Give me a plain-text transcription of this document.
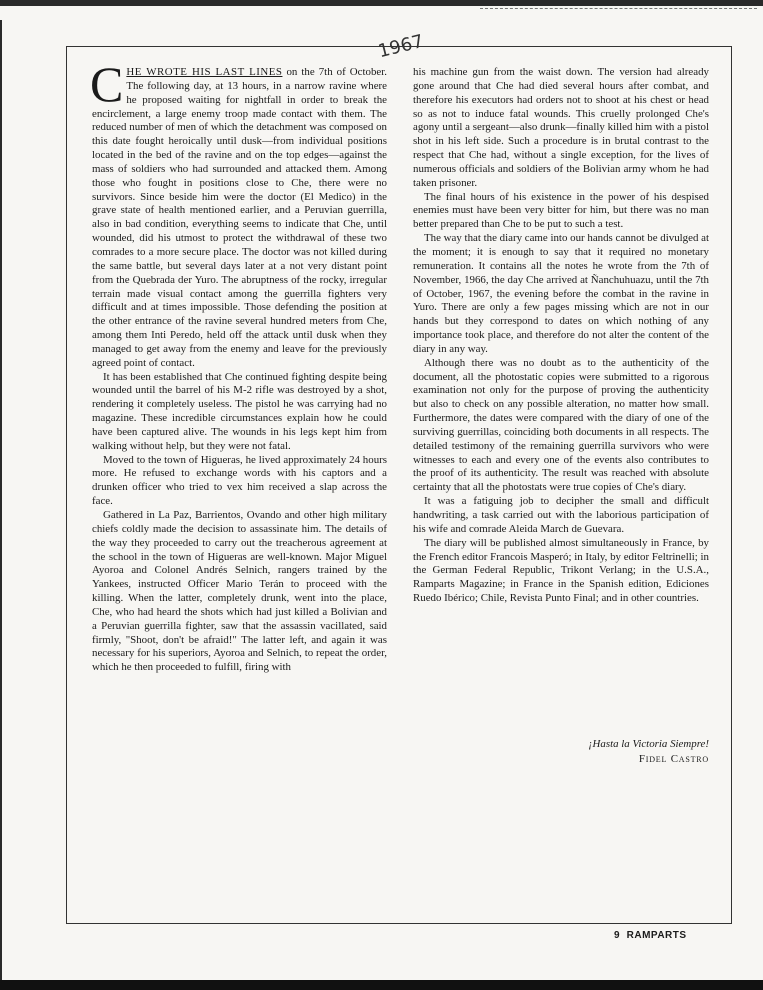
1967

CHE WROTE HIS LAST LINES on the 7th of October. The following day, at 13 hours, in a narrow ravine where he proposed waiting for nightfall in order to break the encirclement, a large enemy troop made contact with them. The reduced number of men of which the detachment was composed on this date fought heroically until dusk—from individual positions located in the bed of the ravine and on the top edges—against the mass of soldiers who had surrounded and attacked them. Among those who fought in positions close to Che, there were no survivors. Since beside him were the doctor (El Medico) in the grave state of health mentioned earlier, and a Peruvian guerrilla, also in bad condition, everything seems to indicate that Che, until wounded, did his utmost to protect the withdrawal of these two comrades to a more secure place. The doctor was not killed during the same battle, but several days later at a not very distant point from the Quebrada der Yuro. The abruptness of the rocky, irregular terrain made visual contact among the guerrilla fighters very difficult and at times impossible. Those defending the position at the other entrance of the ravine several hundred meters from Che, among them Inti Peredo, held off the attack until dusk when they managed to get away from the enemy and leave for the previously agreed point of contact.

It has been established that Che continued fighting despite being wounded until the barrel of his M-2 rifle was destroyed by a shot, rendering it completely useless. The pistol he was carrying had no magazine. These incredible circumstances explain how he could have been captured alive. The wounds in his legs kept him from walking without help, but they were not fatal.

Moved to the town of Higueras, he lived approximately 24 hours more. He refused to exchange words with his captors and a drunken officer who tried to vex him received a slap across the face.

Gathered in La Paz, Barrientos, Ovando and other high military chiefs coldly made the decision to assassinate him. The details of the way they proceeded to carry out the treacherous agreement at the school in the town of Higueras are well-known. Major Miguel Ayoroa and Colonel Andrés Selnich, rangers trained by the Yankees, instructed Officer Mario Terán to proceed with the killing. When the latter, completely drunk, went into the place, Che, who had heard the shots which had just killed a Bolivian and a Peruvian guerrilla fighter, saw that the assassin vacillated, said firmly, "Shoot, don't be afraid!" The latter left, and again it was necessary for his superiors, Ayoroa and Selnich, to repeat the order, which he then proceeded to fulfill, firing with

his machine gun from the waist down. The version had already gone around that Che had died several hours after combat, and therefore his executors had orders not to shoot at his chest or head so as not to induce fatal wounds. This cruelly prolonged Che's agony until a sergeant—also drunk—finally killed him with a pistol shot in his left side. Such a procedure is in brutal contrast to the respect that Che had, without a single exception, for the lives of numerous officials and soldiers of the Bolivian army whom he had taken prisoner.

The final hours of his existence in the power of his despised enemies must have been very bitter for him, but there was no man better prepared than Che to be put to such a test.

The way that the diary came into our hands cannot be divulged at the moment; it is enough to say that it required no monetary remuneration. It contains all the notes he wrote from the 7th of November, 1966, the day Che arrived at Ñanchuhuazu, until the 7th of October, 1967, the evening before the combat in the ravine in Yuro. There are only a few pages missing which are not in our hands but they correspond to dates on which nothing of any importance took place, and therefore do not alter the content of the diary in any way.

Although there was no doubt as to the authenticity of the document, all the photostatic copies were submitted to a rigorous examination not only for the purpose of proving the authenticity but also to check on any possible alteration, no matter how small. Furthermore, the dates were compared with the diary of one of the surviving guerrillas, coinciding both documents in all respects. The detailed testimony of the remaining guerrilla survivors who were witnesses to each and every one of the events also contributes to the proof of its authenticity. The result was reached with absolute certainty that all the photostats were true copies of Che's diary.

It was a fatiguing job to decipher the small and difficult handwriting, a task carried out with the laborious participation of his wife and comrade Aleida March de Guevara.

The diary will be published almost simultaneously in France, by the French editor Francois Masperó; in Italy, by editor Feltrinelli; in the German Federal Republic, Trikont Verlang; in the U.S.A., Ramparts Magazine; in France in the Spanish edition, Ediciones Ruedo Ibérico; Chile, Revista Punto Final; and in other countries.

¡Hasta la Victoria Siempre!
Fidel Castro
9 RAMPARTS
